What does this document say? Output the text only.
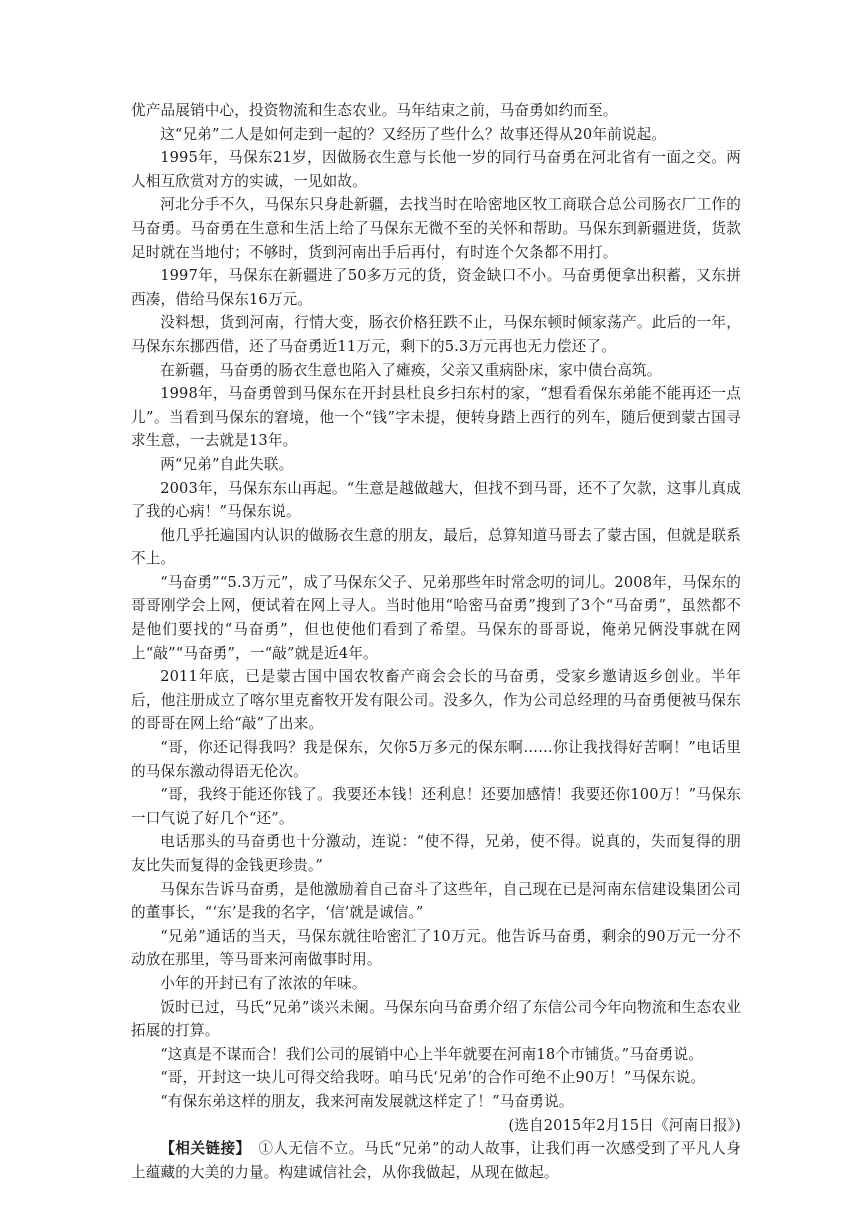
优产品展销中心，投资物流和生态农业。马年结束之前，马奋勇如约而至。

这“兄弟”二人是如何走到一起的？又经历了些什么？故事还得从20年前说起。

1995年，马保东21岁，因做肠衣生意与长他一岁的同行马奋勇在河北省有一面之交。两人相互欣赏对方的实诚，一见如故。

河北分手不久，马保东只身赴新疆，去找当时在哈密地区牧工商联合总公司肠衣厂工作的马奋勇。马奋勇在生意和生活上给了马保东无微不至的关怀和帮助。马保东到新疆进货，货款足时就在当地付；不够时，货到河南出手后再付，有时连个欠条都不用打。

1997年，马保东在新疆进了50多万元的货，资金缺口不小。马奋勇便拿出积蓄，又东拼西凑，借给马保东16万元。

没料想，货到河南，行情大变，肠衣价格狂跌不止，马保东顿时倾家荡产。此后的一年，马保东东挪西借，还了马奋勇近11万元，剩下的5.3万元再也无力偿还了。

在新疆，马奋勇的肠衣生意也陷入了瘫痪，父亲又重病卧床，家中债台高筑。

1998年，马奋勇曾到马保东在开封县杜良乡扫东村的家，“想看看保东弟能不能再还一点儿”。当看到马保东的窘境，他一个“钱”字未提，便转身踏上西行的列车，随后便到蒙古国寻求生意，一去就是13年。

两“兄弟”自此失联。

2003年，马保东东山再起。“生意是越做越大，但找不到马哥，还不了欠款，这事儿真成了我的心病！”马保东说。

他几乎托遍国内认识的做肠衣生意的朋友，最后，总算知道马哥去了蒙古国，但就是联系不上。

“马奋勇”“5.3万元”，成了马保东父子、兄弟那些年时常念叨的词儿。2008年，马保东的哥哥刚学会上网，便试着在网上寻人。当时他用“哈密马奋勇”搜到了3个“马奋勇”，虽然都不是他们要找的“马奋勇”，但也使他们看到了希望。马保东的哥哥说，俺弟兄俩没事就在网上“敲”“马奋勇”，一“敲”就是近4年。

2011年底，已是蒙古国中国农牧畜产商会会长的马奋勇，受家乡邀请返乡创业。半年后，他注册成立了喀尔里克畜牧开发有限公司。没多久，作为公司总经理的马奋勇便被马保东的哥哥在网上给“敲”了出来。

“哥，你还记得我吗？我是保东，欠你5万多元的保东啊……你让我找得好苦啊！”电话里的马保东激动得语无伦次。

“哥，我终于能还你钱了。我要还本钱！还利息！还要加感情！我要还你100万！”马保东一口气说了好几个“还”。

电话那头的马奋勇也十分激动，连说：“使不得，兄弟，使不得。说真的，失而复得的朋友比失而复得的金钱更珍贵。”

马保东告诉马奋勇，是他激励着自己奋斗了这些年，自己现在已是河南东信建设集团公司的董事长，“‘东’是我的名字，‘信’就是诚信。”

“兄弟”通话的当天，马保东就往哈密汇了10万元。他告诉马奋勇，剩余的90万元一分不动放在那里，等马哥来河南做事时用。

小年的开封已有了浓浓的年味。

饭时已过，马氏“兄弟”谈兴未阑。马保东向马奋勇介绍了东信公司今年向物流和生态农业拓展的打算。

“这真是不谋而合！我们公司的展销中心上半年就要在河南18个市铺货。”马奋勇说。

“哥，开封这一块儿可得交给我呀。咱马氏‘兄弟’的合作可绝不止90万！”马保东说。

“有保东弟这样的朋友，我来河南发展就这样定了！”马奋勇说。

(选自2015年2月15日《河南日报》)

【相关链接】  ①人无信不立。马氏“兄弟”的动人故事，让我们再一次感受到了平凡人身上蕴藏的大美的力量。构建诚信社会，从你我做起，从现在做起。
